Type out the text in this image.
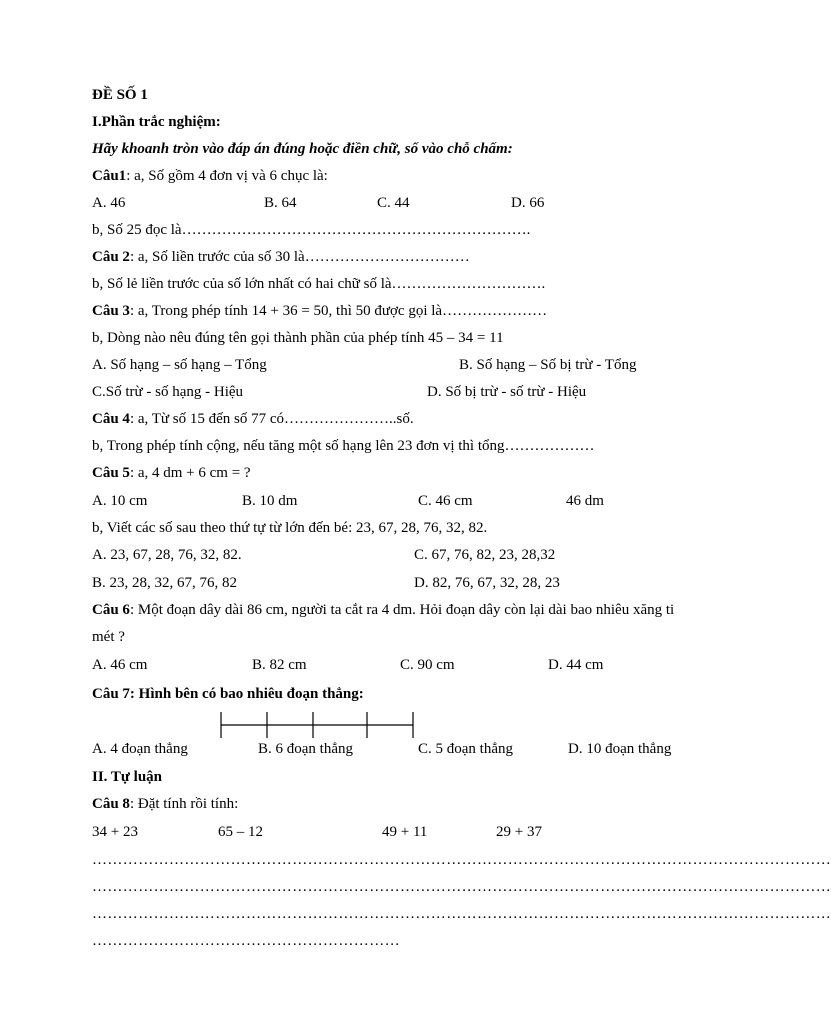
ĐỀ SỐ 1
I.Phần trắc nghiệm:
Hãy khoanh tròn vào đáp án đúng hoặc điền chữ, số vào chỗ chấm:
Câu1: a, Số gồm 4 đơn vị và 6 chục là:
A. 46	B. 64	C. 44	D. 66
b, Số 25 đọc là…………………………………………………………….
Câu 2: a, Số liền trước của số 30 là……………………………
b, Số lẻ liền trước của số lớn nhất có hai chữ số là………………………….
Câu 3: a, Trong phép tính 14 + 36 = 50, thì 50 được gọi là…………………
b, Dòng nào nêu đúng tên gọi thành phần của phép tính 45 – 34 = 11
A. Số hạng – số hạng – Tổng	B. Số hạng – Số bị trừ - Tổng
C.Số trừ - số hạng - Hiệu	D. Số bị trừ - số trừ - Hiệu
Câu 4: a, Từ số 15 đến số 77 có…………………..số.
b, Trong phép tính cộng, nếu tăng một số hạng lên 23 đơn vị thì tổng………………
Câu 5: a, 4 dm + 6 cm = ?
A. 10 cm	B. 10 dm	C. 46 cm	46 dm
b, Viết các số sau theo thứ tự từ lớn đến bé: 23, 67, 28, 76, 32, 82.
A. 23, 67, 28, 76, 32, 82.	C. 67, 76, 82, 23, 28,32
B. 23, 28, 32, 67, 76, 82	D. 82, 76, 67, 32, 28, 23
Câu 6: Một đoạn dây dài 86 cm, người ta cắt ra 4 dm. Hỏi đoạn dây còn lại dài bao nhiêu xăng ti
mét ?
A. 46 cm	B. 82 cm	C. 90 cm	D. 44 cm
Câu 7: Hình bên có bao nhiêu đoạn thẳng:
A. 4 đoạn thẳng	B. 6 đoạn thẳng	C. 5 đoạn thẳng	D. 10 đoạn thẳng
II. Tự luận
Câu 8: Đặt tính rồi tính:
34 + 23	65 – 12	49 + 11	29 + 37
………………………………………………………………………………………………………………………………
………………………………………………………………………………………………………………………………
………………………………………………………………………………………………………………………………
……………………………………………………
